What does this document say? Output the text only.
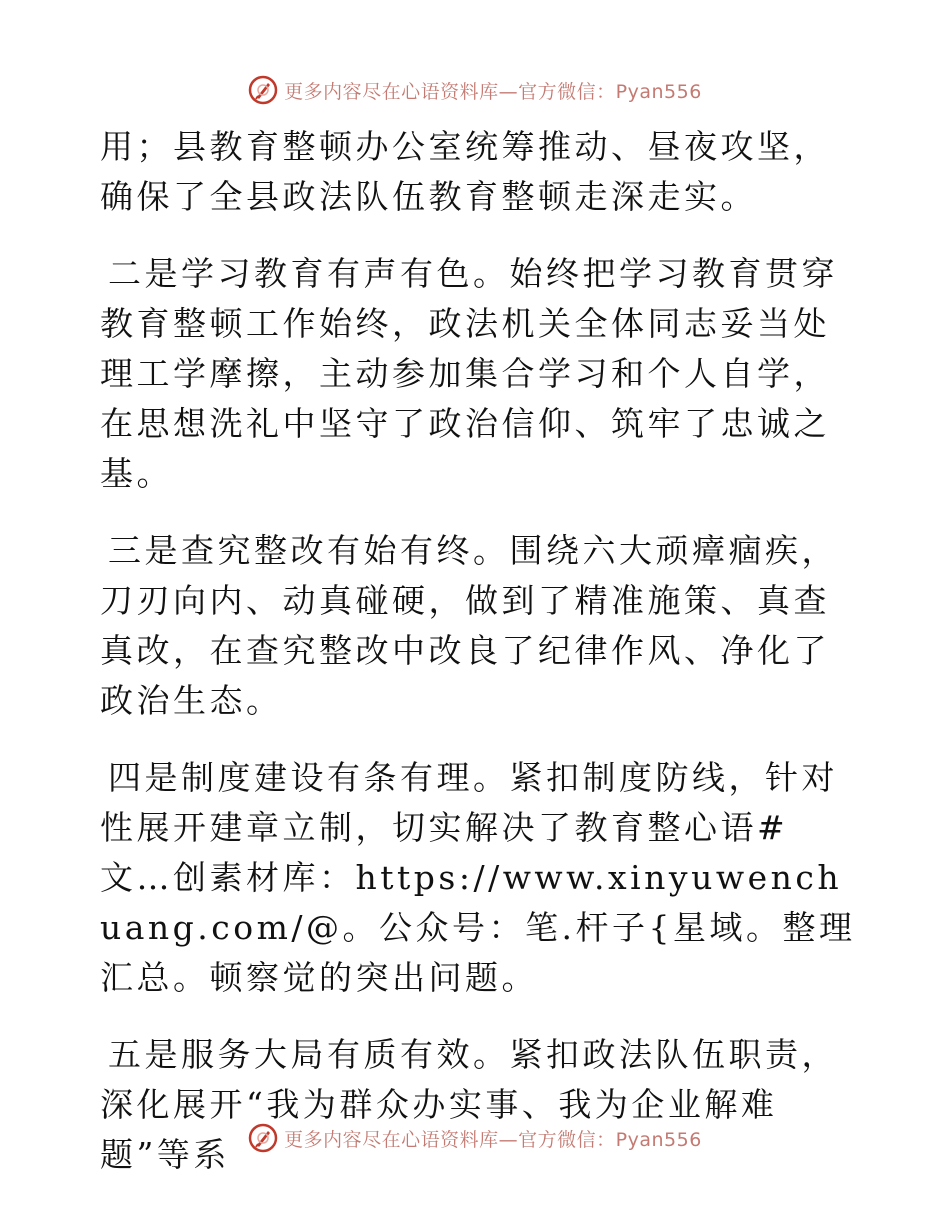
更多内容尽在心语资料库—官方微信：Pyan556

用；县教育整顿办公室统筹推动、昼夜攻坚，确保了全县政法队伍教育整顿走深走实。

二是学习教育有声有色。始终把学习教育贯穿教育整顿工作始终，政法机关全体同志妥当处理工学摩擦，主动参加集合学习和个人自学，在思想洗礼中坚守了政治信仰、筑牢了忠诚之基。

三是查究整改有始有终。围绕六大顽瘴痼疾，刀刃向内、动真碰硬，做到了精准施策、真查真改，在查究整改中改良了纪律作风、净化了政治生态。

四是制度建设有条有理。紧扣制度防线，针对性展开建章立制，切实解决了教育整心语#文…创素材库：https://www.xinyuwenchuang.com/@。公众号：笔.杆子{星域。整理汇总。顿察觉的突出问题。

五是服务大局有质有效。紧扣政法队伍职责，深化展开“我为群众办实事、我为企业解难题”等系	更多内容尽在心语资料库—官方微信：Pyan556
